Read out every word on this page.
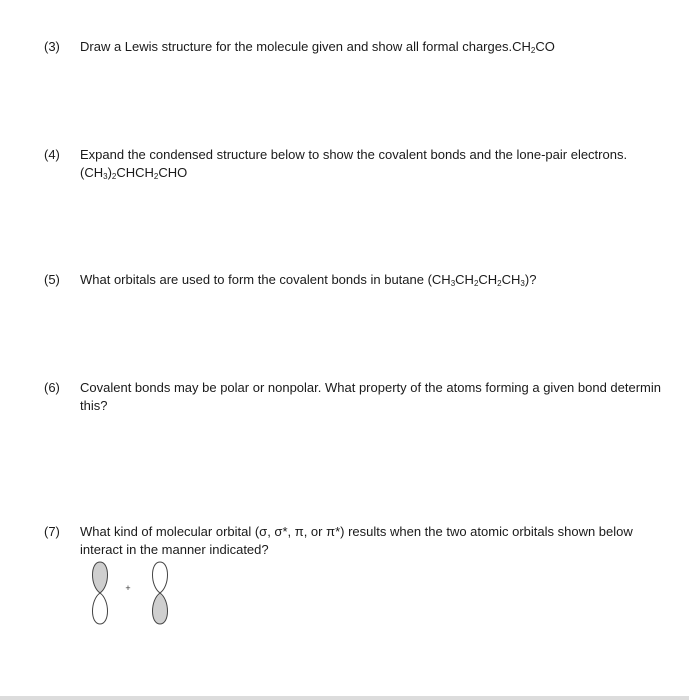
(3) Draw a Lewis structure for the molecule given and show all formal $charges.CH_2CO$
(4) Expand the condensed structure below to show the covalent bonds and the lone-pair electrons.
$(CH_3)_2CHCH_2CHO$
(5) What orbitals are used to form the covalent bonds in butane $(CH_3CH_2CH_2CH_3)$?
(6) Covalent bonds may be polar or nonpolar. What property of the atoms forming a given bond determin
this?
(7) What kind of molecular orbital (σ, σ*, π, or π*) results when the two atomic orbitals shown below
interact in the manner indicated?
+
